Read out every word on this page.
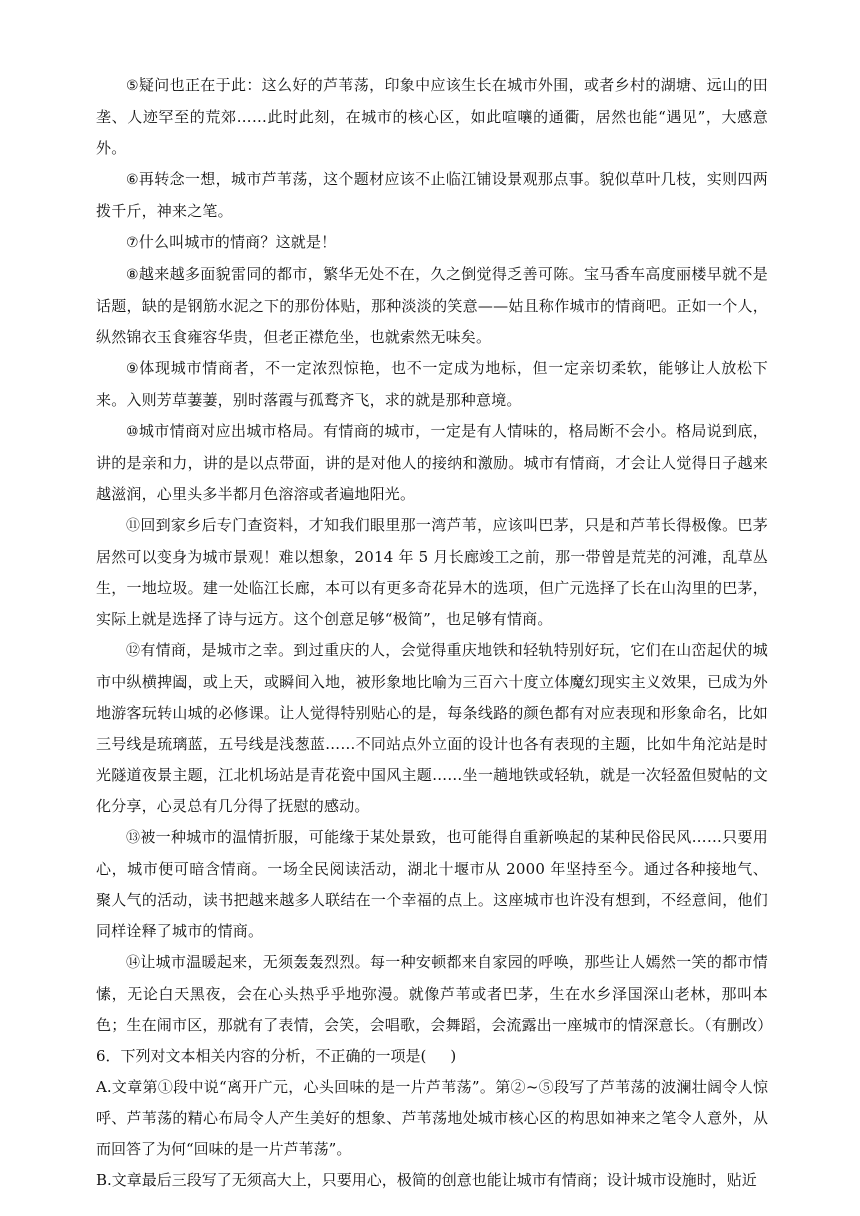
⑤疑问也正在于此：这么好的芦苇荡，印象中应该生长在城市外围，或者乡村的湖塘、远山的田垄、人迹罕至的荒郊……此时此刻，在城市的核心区，如此喧嚷的通衢，居然也能“遇见”，大感意外。

⑥再转念一想，城市芦苇荡，这个题材应该不止临江铺设景观那点事。貌似草叶几枝，实则四两拨千斤，神来之笔。

⑦什么叫城市的情商？这就是！

⑧越来越多面貌雷同的都市，繁华无处不在，久之倒觉得乏善可陈。宝马香车高度丽楼早就不是话题，缺的是钢筋水泥之下的那份体贴，那种淡淡的笑意——姑且称作城市的情商吧。正如一个人，纵然锦衣玉食雍容华贵，但老正襟危坐，也就索然无味矣。

⑨体现城市情商者，不一定浓烈惊艳，也不一定成为地标，但一定亲切柔软，能够让人放松下来。入则芳草萋萋，别时落霞与孤鹜齐飞，求的就是那种意境。

⑩城市情商对应出城市格局。有情商的城市，一定是有人情味的，格局断不会小。格局说到底，讲的是亲和力，讲的是以点带面，讲的是对他人的接纳和激励。城市有情商，才会让人觉得日子越来越滋润，心里头多半都月色溶溶或者遍地阳光。

⑪回到家乡后专门查资料，才知我们眼里那一湾芦苇，应该叫巴茅，只是和芦苇长得极像。巴茅居然可以变身为城市景观！难以想象，2014 年 5 月长廊竣工之前，那一带曾是荒芜的河滩，乱草丛生，一地垃圾。建一处临江长廊，本可以有更多奇花异木的选项，但广元选择了长在山沟里的巴茅，实际上就是选择了诗与远方。这个创意足够“极简”，也足够有情商。

⑫有情商，是城市之幸。到过重庆的人，会觉得重庆地铁和轻轨特别好玩，它们在山峦起伏的城市中纵横捭阖，或上天，或瞬间入地，被形象地比喻为三百六十度立体魔幻现实主义效果，已成为外地游客玩转山城的必修课。让人觉得特别贴心的是，每条线路的颜色都有对应表现和形象命名，比如三号线是琉璃蓝，五号线是浅葱蓝……不同站点外立面的设计也各有表现的主题，比如牛角沱站是时光隧道夜景主题，江北机场站是青花瓷中国风主题……坐一趟地铁或轻轨，就是一次轻盈但熨帖的文化分享，心灵总有几分得了抚慰的感动。

⑬被一种城市的温情折服，可能缘于某处景致，也可能得自重新唤起的某种民俗民风……只要用心，城市便可暗含情商。一场全民阅读活动，湖北十堰市从 2000 年坚持至今。通过各种接地气、聚人气的活动，读书把越来越多人联结在一个幸福的点上。这座城市也许没有想到，不经意间，他们同样诠释了城市的情商。

⑭让城市温暖起来，无须轰轰烈烈。每一种安顿都来自家园的呼唤，那些让人嫣然一笑的都市情愫，无论白天黑夜，会在心头热乎乎地弥漫。就像芦苇或者巴茅，生在水乡泽国深山老林，那叫本色；生在闹市区，那就有了表情，会笑，会唱歌，会舞蹈，会流露出一座城市的情深意长。（有删改）

6．下列对文本相关内容的分析，不正确的一项是( )

A.文章第①段中说“离开广元，心头回味的是一片芦苇荡”。第②~⑤段写了芦苇荡的波澜壮阔令人惊呼、芦苇荡的精心布局令人产生美好的想象、芦苇荡地处城市核心区的构思如神来之笔令人意外，从而回答了为何“回味的是一片芦苇荡”。

B.文章最后三段写了无须高大上，只要用心，极简的创意也能让城市有情商；设计城市设施时，贴近
